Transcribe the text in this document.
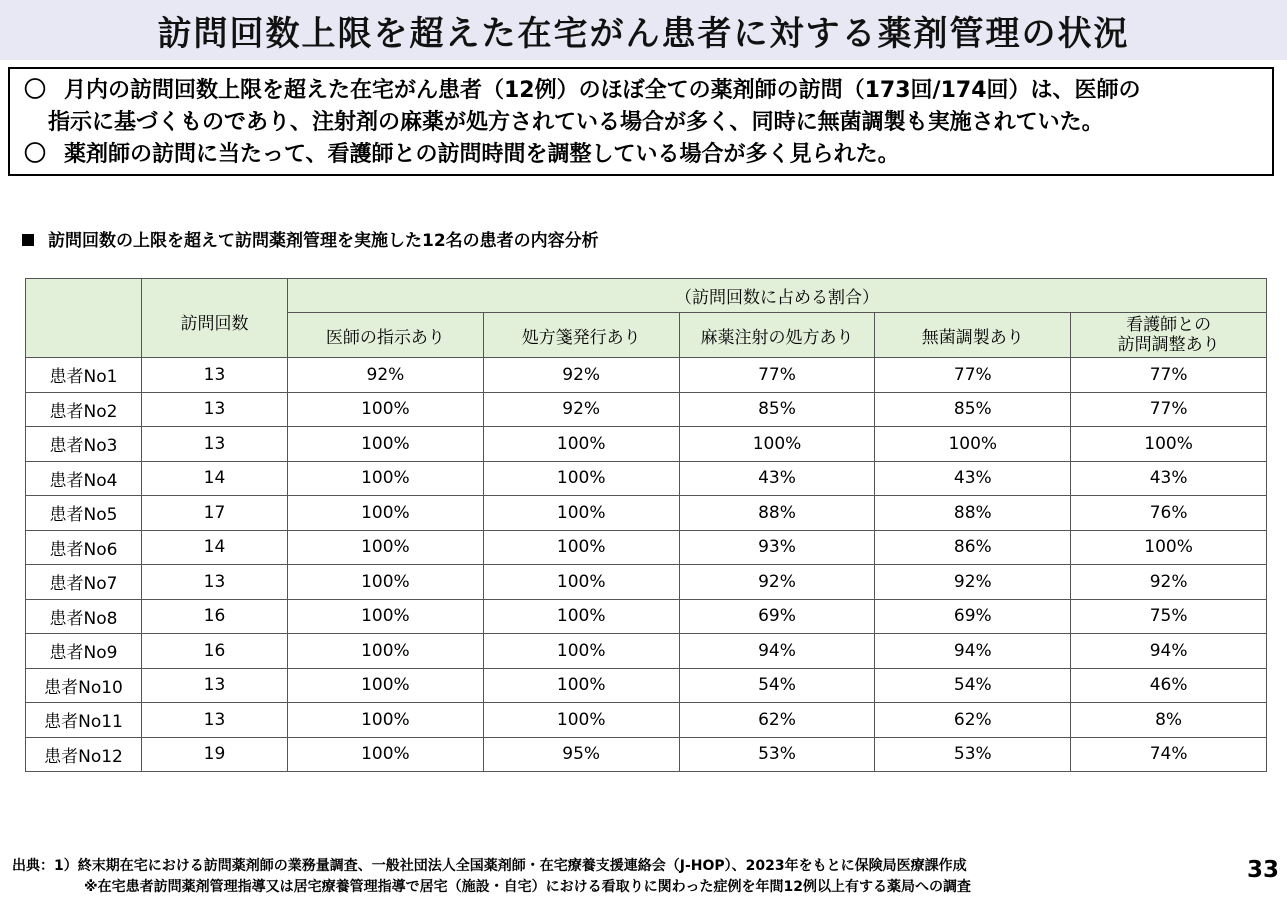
訪問回数上限を超えた在宅がん患者に対する薬剤管理の状況
〇 月内の訪問回数上限を超えた在宅がん患者（12例）のほぼ全ての薬剤師の訪問（173回/174回）は、医師の
指示に基づくものであり、注射剤の麻薬が処方されている場合が多く、同時に無菌調製も実施されていた。
〇 薬剤師の訪問に当たって、看護師との訪問時間を調整している場合が多く見られた。
訪問回数の上限を超えて訪問薬剤管理を実施した12名の患者の内容分析
	訪問回数	（訪問回数に占める割合）				
		医師の指示あり	処方箋発行あり	麻薬注射の処方あり	無菌調製あり	看護師との
訪問調整あり

患者No1	13	92%	92%	77%	77%	77%
患者No2	13	100%	92%	85%	85%	77%
患者No3	13	100%	100%	100%	100%	100%
患者No4	14	100%	100%	43%	43%	43%
患者No5	17	100%	100%	88%	88%	76%
患者No6	14	100%	100%	93%	86%	100%
患者No7	13	100%	100%	92%	92%	92%
患者No8	16	100%	100%	69%	69%	75%
患者No9	16	100%	100%	94%	94%	94%
患者No10	13	100%	100%	54%	54%	46%
患者No11	13	100%	100%	62%	62%	8%
患者No12	19	100%	95%	53%	53%	74%
出典：1）終末期在宅における訪問薬剤師の業務量調査、一般社団法人全国薬剤師・在宅療養支援連絡会（J-HOP）、2023年をもとに保険局医療課作成
※在宅患者訪問薬剤管理指導又は居宅療養管理指導で居宅（施設・自宅）における看取りに関わった症例を年間12例以上有する薬局への調査
33
